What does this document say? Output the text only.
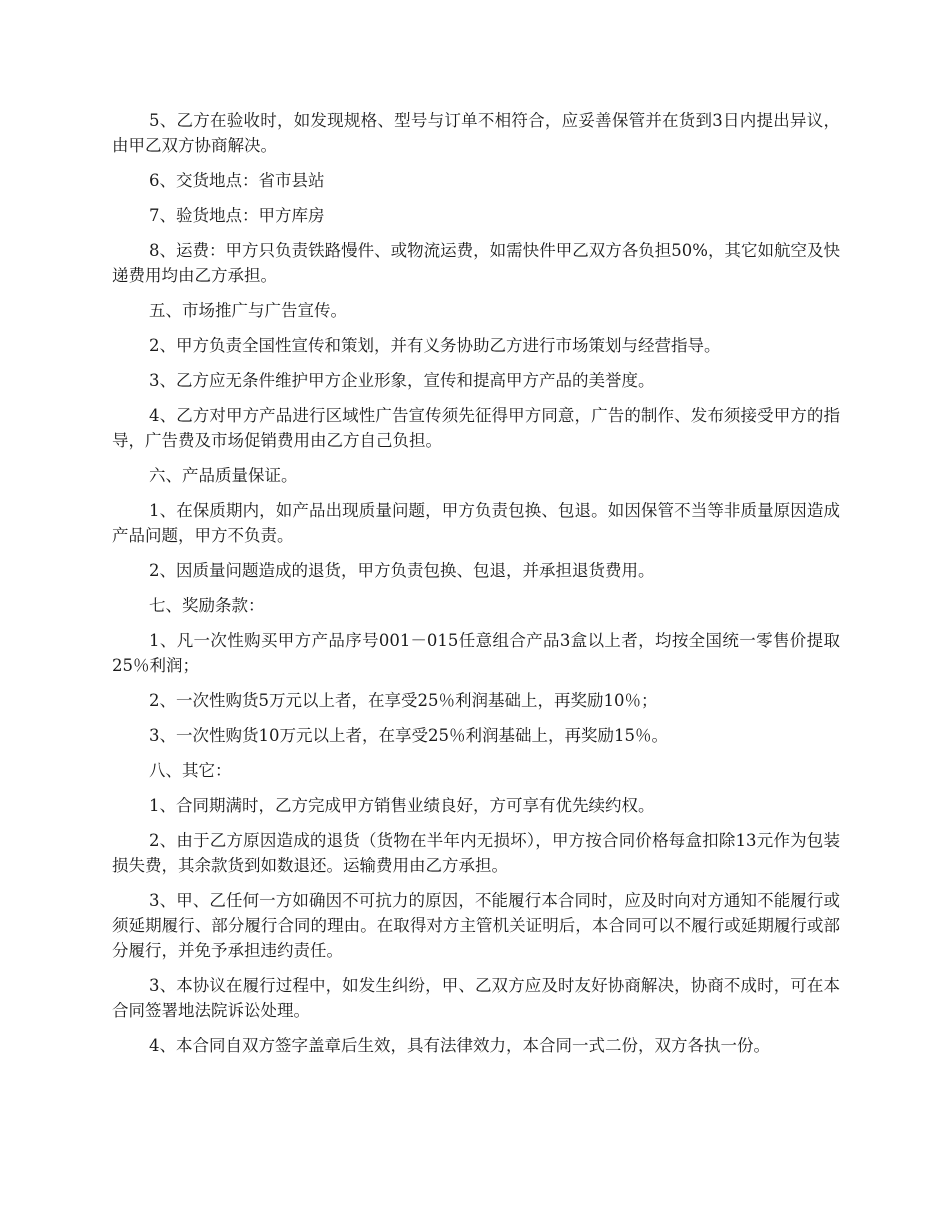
5、乙方在验收时，如发现规格、型号与订单不相符合，应妥善保管并在货到3日内提出异议，由甲乙双方协商解决。

6、交货地点：省市县站

7、验货地点：甲方库房

8、运费：甲方只负责铁路慢件、或物流运费，如需快件甲乙双方各负担50%，其它如航空及快递费用均由乙方承担。

五、市场推广与广告宣传。

2、甲方负责全国性宣传和策划，并有义务协助乙方进行市场策划与经营指导。

3、乙方应无条件维护甲方企业形象，宣传和提高甲方产品的美誉度。

4、乙方对甲方产品进行区域性广告宣传须先征得甲方同意，广告的制作、发布须接受甲方的指导，广告费及市场促销费用由乙方自己负担。

六、产品质量保证。

1、在保质期内，如产品出现质量问题，甲方负责包换、包退。如因保管不当等非质量原因造成产品问题，甲方不负责。

2、因质量问题造成的退货，甲方负责包换、包退，并承担退货费用。

七、奖励条款：

1、凡一次性购买甲方产品序号001－015任意组合产品3盒以上者，均按全国统一零售价提取25％利润；

2、一次性购货5万元以上者，在享受25％利润基础上，再奖励10％；

3、一次性购货10万元以上者，在享受25％利润基础上，再奖励15％。

八、其它：

1、合同期满时，乙方完成甲方销售业绩良好，方可享有优先续约权。

2、由于乙方原因造成的退货（货物在半年内无损坏），甲方按合同价格每盒扣除13元作为包装损失费，其余款货到如数退还。运输费用由乙方承担。

3、甲、乙任何一方如确因不可抗力的原因，不能履行本合同时，应及时向对方通知不能履行或须延期履行、部分履行合同的理由。在取得对方主管机关证明后，本合同可以不履行或延期履行或部分履行，并免予承担违约责任。

3、本协议在履行过程中，如发生纠纷，甲、乙双方应及时友好协商解决，协商不成时，可在本合同签署地法院诉讼处理。

4、本合同自双方签字盖章后生效，具有法律效力，本合同一式二份，双方各执一份。
